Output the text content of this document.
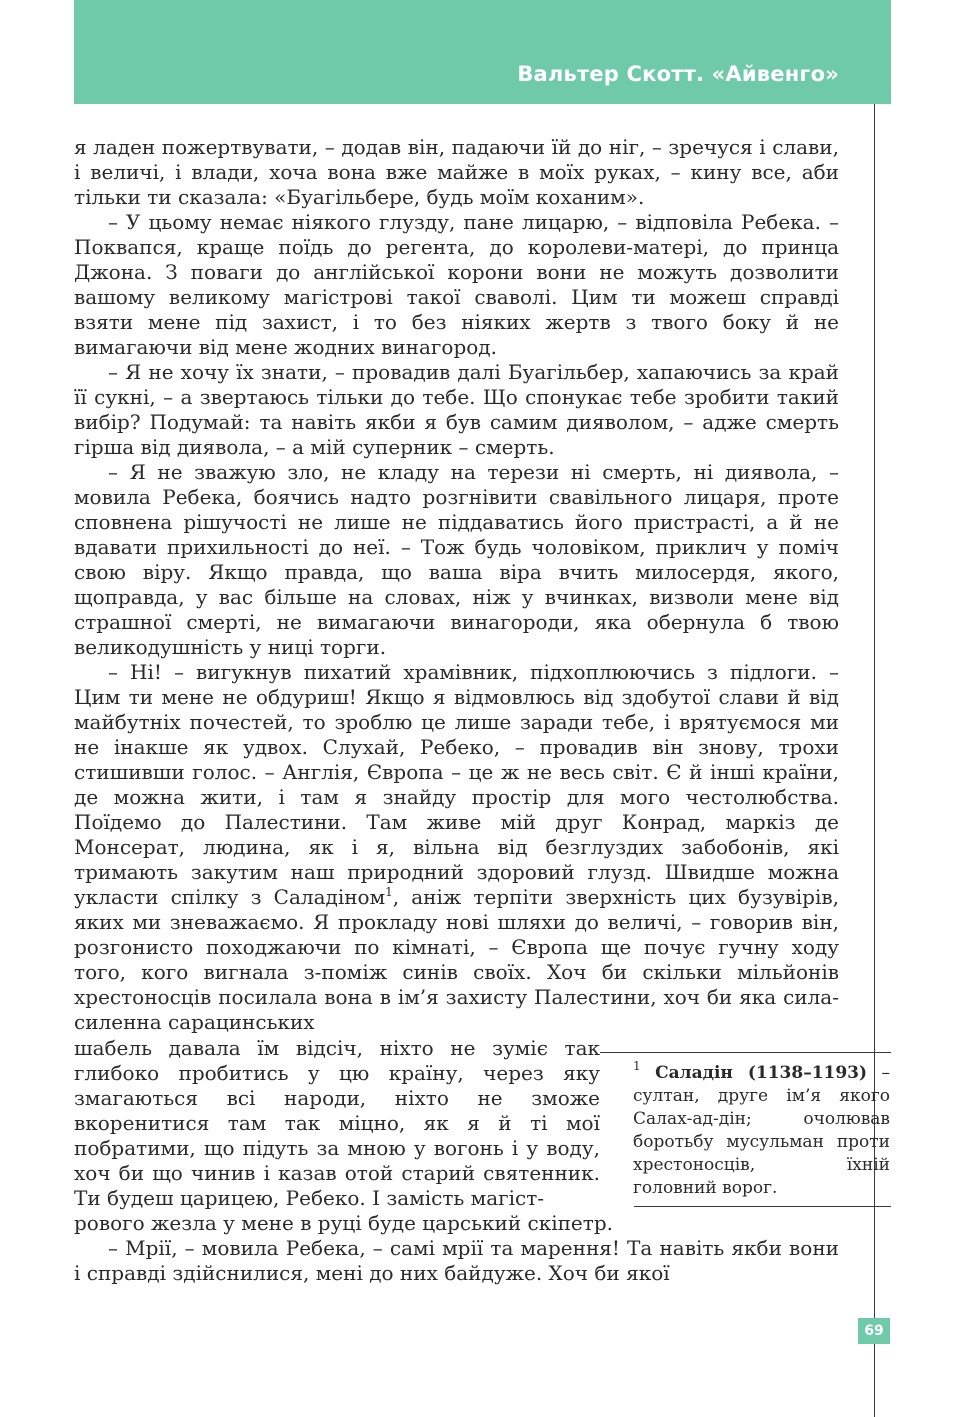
Вальтер Скотт. «Айвенго»

я ладен пожертвувати, – додав він, падаючи їй до ніг, – зречуся і слави, і величі, і влади, хоча вона вже майже в моїх руках, – кину все, аби тільки ти сказала: «Буагільбере, будь моїм коханим».

– У цьому немає ніякого глузду, пане лицарю, – відповіла Ребека. – Поквапся, краще поїдь до регента, до королеви-матері, до принца Джона. З поваги до англійської корони вони не можуть дозволити вашому великому магістрові такої сваволі. Цим ти можеш справді взяти мене під захист, і то без ніяких жертв з твого боку й не вимагаючи від мене жодних винагород.

– Я не хочу їх знати, – провадив далі Буагільбер, хапаючись за край її сукні, – а звертаюсь тільки до тебе. Що спонукає тебе зробити такий вибір? Подумай: та навіть якби я був самим дияволом, – адже смерть гірша від диявола, – а мій суперник – смерть.

– Я не зважую зло, не кладу на терези ні смерть, ні диявола, – мовила Ребека, боячись надто розгнівити свавільного лицаря, проте сповнена рішучості не лише не піддаватись його пристрасті, а й не вдавати прихильності до неї. – Тож будь чоловіком, приклич у поміч свою віру. Якщо правда, що ваша віра вчить милосердя, якого, щоправда, у вас більше на словах, ніж у вчинках, визволи мене від страшної смерті, не вимагаючи винагороди, яка обернула б твою великодушність у ниці торги.

– Ні! – вигукнув пихатий храмівник, підхоплюючись з підлоги. – Цим ти мене не обдуриш! Якщо я відмовлюсь від здобутої слави й від майбутніх почестей, то зроблю це лише заради тебе, і врятуємося ми не інакше як удвох. Слухай, Ребеко, – провадив він знову, трохи стишивши голос. – Англія, Європа – це ж не весь світ. Є й інші країни, де можна жити, і там я знайду простір для мого честолюбства. Поїдемо до Палестини. Там живе мій друг Конрад, маркіз де Монсерат, людина, як і я, вільна від безглуздих забобонів, які тримають закутим наш природний здоровий глузд. Швидше можна укласти спілку з Саладіном$^1$, аніж терпіти зверхність цих бузувірів, яких ми зневажаємо. Я прокладу нові шляхи до величі, – говорив він, розгонисто походжаючи по кімнаті, – Європа ще почує гучну ходу того, кого вигнала з-поміж синів своїх. Хоч би скільки мільйонів хрестоносців посилала вона в ім’я захисту Палестини, хоч би яка сила-силенна сарацинських

шабель давала їм відсіч, ніхто не зуміє так глибоко пробитись у цю країну, через яку змагаються всі народи, ніхто не зможе вкоренитися там так міцно, як я й ті мої побратими, що підуть за мною у вогонь і у воду, хоч би що чинив і казав отой старий святенник. Ти будеш царицею, Ребеко. І замість магіст-

рового жезла у мене в руці буде царський скіпетр.

– Мрії, – мовила Ребека, – самі мрії та марення! Та навіть якби вони і справді здійснилися, мені до них байдуже. Хоч би якої

$^1$ Саладін (1138–1193) – султан, друге ім’я якого Салах-ад-дін; очолював боротьбу мусульман проти хрестоносців, їхній головний ворог.
69
